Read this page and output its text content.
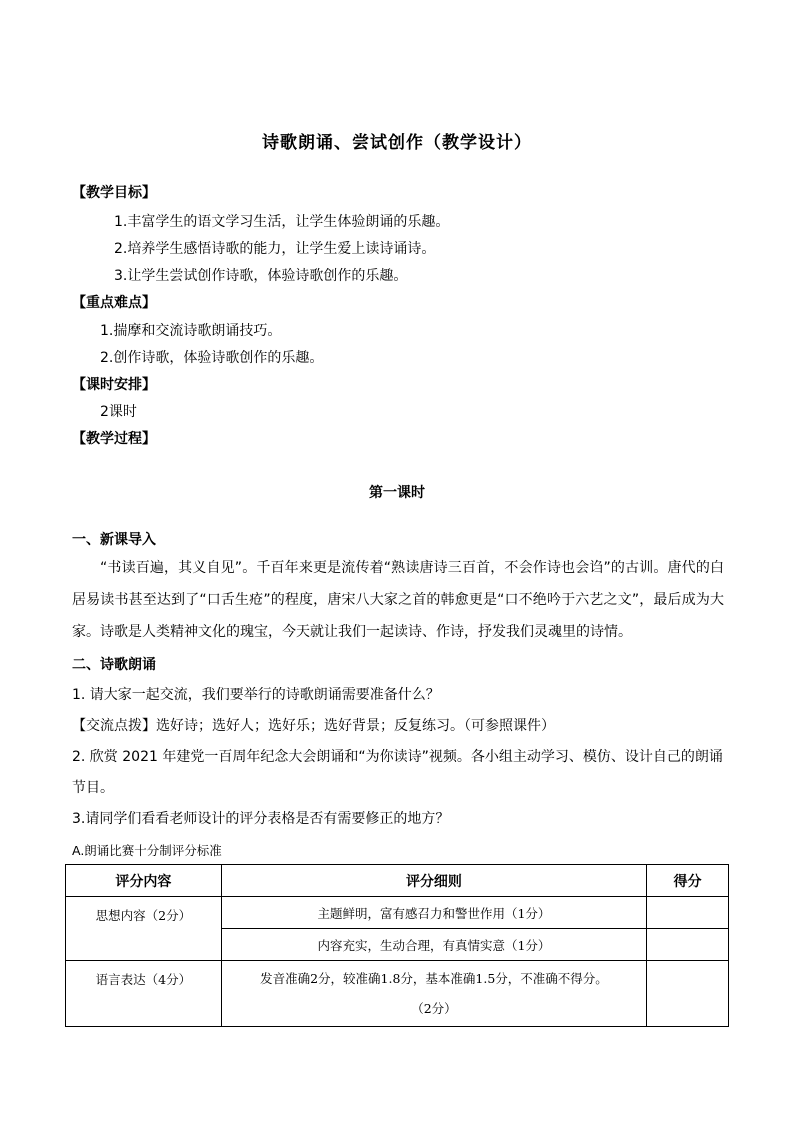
诗歌朗诵、尝试创作（教学设计）
【教学目标】
1.丰富学生的语文学习生活，让学生体验朗诵的乐趣。
2.培养学生感悟诗歌的能力，让学生爱上读诗诵诗。
3.让学生尝试创作诗歌，体验诗歌创作的乐趣。
【重点难点】
1.揣摩和交流诗歌朗诵技巧。
2.创作诗歌，体验诗歌创作的乐趣。
【课时安排】
2课时
【教学过程】
第一课时
一、新课导入
“书读百遍，其义自见”。千百年来更是流传着“熟读唐诗三百首，不会作诗也会诌”的古训。唐代的白居易读书甚至达到了“口舌生疮”的程度，唐宋八大家之首的韩愈更是“口不绝吟于六艺之文”，最后成为大家。诗歌是人类精神文化的瑰宝，今天就让我们一起读诗、作诗，抒发我们灵魂里的诗情。
二、诗歌朗诵
1. 请大家一起交流，我们要举行的诗歌朗诵需要准备什么？
【交流点拨】选好诗；选好人；选好乐；选好背景；反复练习。（可参照课件）
2. 欣赏 2021 年建党一百周年纪念大会朗诵和“为你读诗”视频。各小组主动学习、模仿、设计自己的朗诵
节目。
3.请同学们看看老师设计的评分表格是否有需要修正的地方？
A.朗诵比赛十分制评分标准
评分内容	评分细则	得分
思想内容（2分）	主题鲜明，富有感召力和警世作用（1分）	
	内容充实，生动合理，有真情实意（1分）	
语言表达（4分）	发音准确2分，较准确1.8分，基本准确1.5分，不准确不得分。
（2分）	
